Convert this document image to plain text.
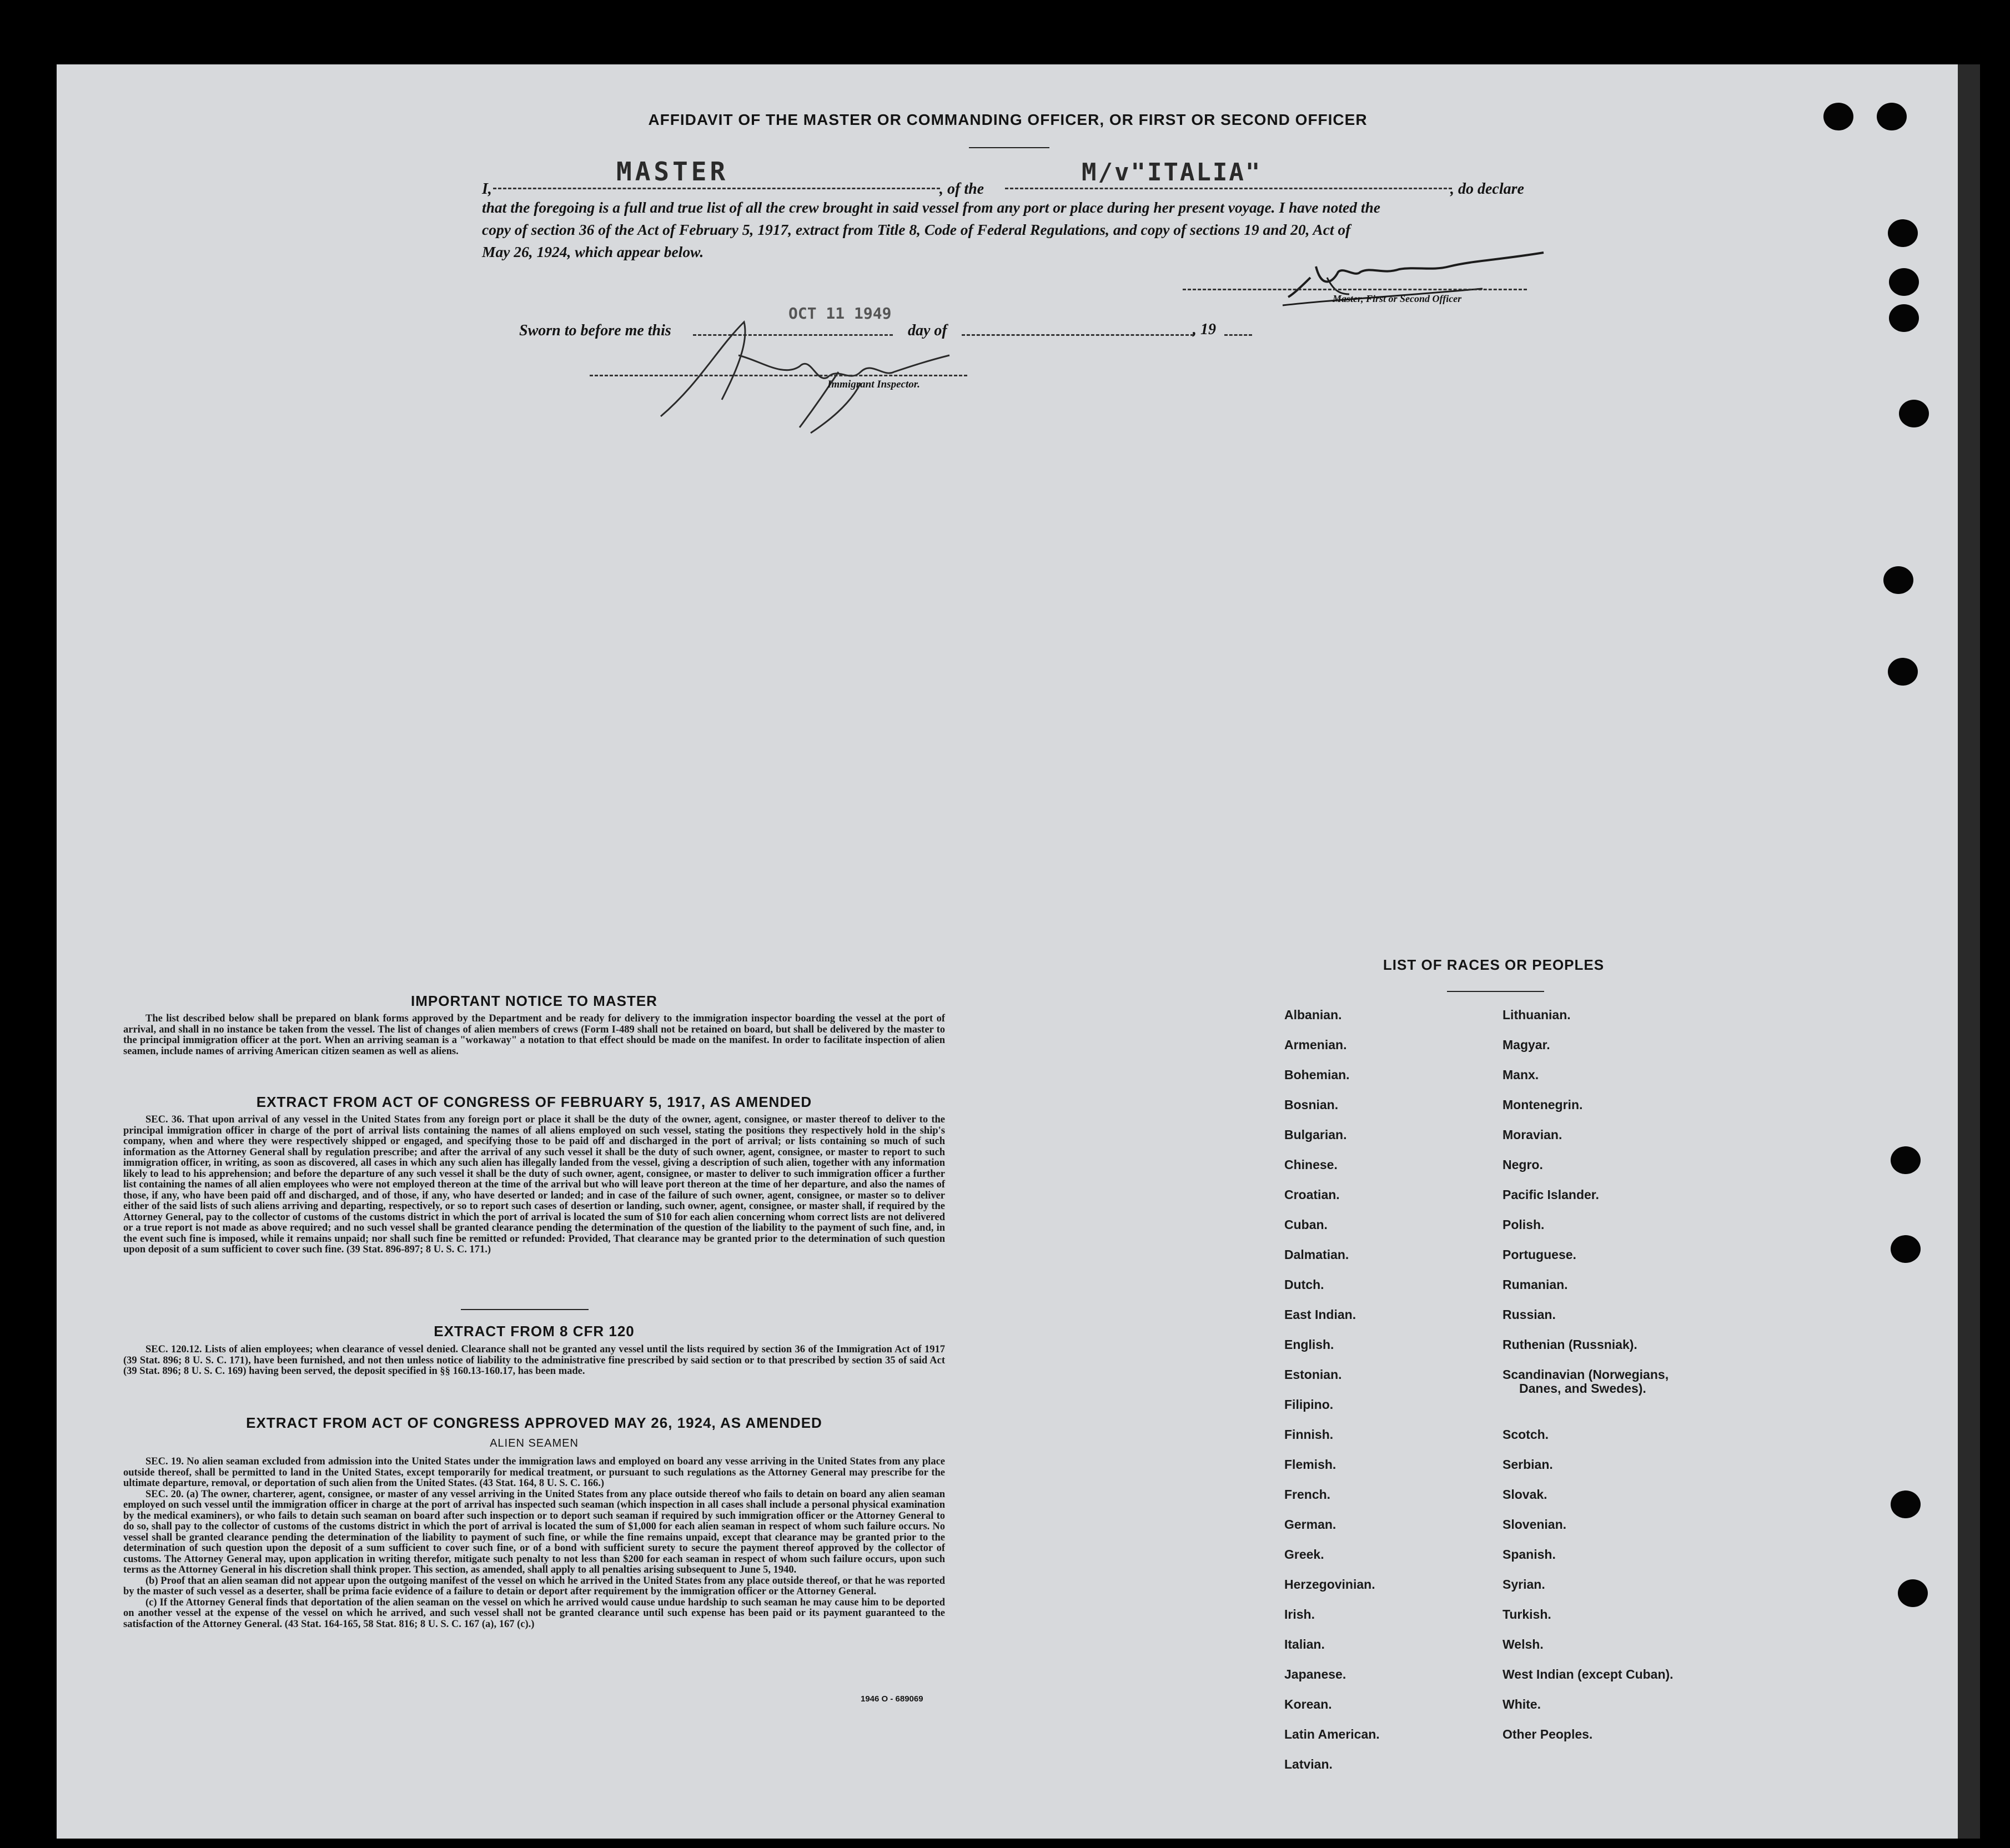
AFFIDAVIT OF THE MASTER OR COMMANDING OFFICER, OR FIRST OR SECOND OFFICER
I,
MASTER
, of the
M/v"ITALIA"
, do declare
that the foregoing is a full and true list of all the crew brought in said vessel from any port or place during her present voyage. I have noted the
copy of section 36 of the Act of February 5, 1917, extract from Title 8, Code of Federal Regulations, and copy of sections 19 and 20, Act of
May 26, 1924, which appear below.
Master, First or Second Officer
Sworn to before me this
OCT 11 1949
day of	, 19
Immigrant Inspector.
IMPORTANT NOTICE TO MASTER

The list described below shall be prepared on blank forms approved by the Department and be ready for delivery to the immigration inspector boarding the vessel at the port of arrival, and shall in no instance be taken from the vessel. The list of changes of alien members of crews (Form I-489 shall not be retained on board, but shall be delivered by the master to the principal immigration officer at the port. When an arriving seaman is a "workaway" a notation to that effect should be made on the manifest. In order to facilitate inspection of alien seamen, include names of arriving American citizen seamen as well as aliens.

EXTRACT FROM ACT OF CONGRESS OF FEBRUARY 5, 1917, AS AMENDED

SEC. 36. That upon arrival of any vessel in the United States from any foreign port or place it shall be the duty of the owner, agent, consignee, or master thereof to deliver to the principal immigration officer in charge of the port of arrival lists containing the names of all aliens employed on such vessel, stating the positions they respectively hold in the ship's company, when and where they were respectively shipped or engaged, and specifying those to be paid off and discharged in the port of arrival; or lists containing so much of such information as the Attorney General shall by regulation prescribe; and after the arrival of any such vessel it shall be the duty of such owner, agent, consignee, or master to report to such immigration officer, in writing, as soon as discovered, all cases in which any such alien has illegally landed from the vessel, giving a description of such alien, together with any information likely to lead to his apprehension; and before the departure of any such vessel it shall be the duty of such owner, agent, consignee, or master to deliver to such immigration officer a further list containing the names of all alien employees who were not employed thereon at the time of the arrival but who will leave port thereon at the time of her departure, and also the names of those, if any, who have been paid off and discharged, and of those, if any, who have deserted or landed; and in case of the failure of such owner, agent, consignee, or master so to deliver either of the said lists of such aliens arriving and departing, respectively, or so to report such cases of desertion or landing, such owner, agent, consignee, or master shall, if required by the Attorney General, pay to the collector of customs of the customs district in which the port of arrival is located the sum of $10 for each alien concerning whom correct lists are not delivered or a true report is not made as above required; and no such vessel shall be granted clearance pending the determination of the question of the liability to the payment of such fine, and, in the event such fine is imposed, while it remains unpaid; nor shall such fine be remitted or refunded: Provided, That clearance may be granted prior to the determination of such question upon deposit of a sum sufficient to cover such fine. (39 Stat. 896-897; 8 U. S. C. 171.)

EXTRACT FROM 8 CFR 120

SEC. 120.12. Lists of alien employees; when clearance of vessel denied. Clearance shall not be granted any vessel until the lists required by section 36 of the Immigration Act of 1917 (39 Stat. 896; 8 U. S. C. 171), have been furnished, and not then unless notice of liability to the administrative fine prescribed by said section or to that prescribed by section 35 of said Act (39 Stat. 896; 8 U. S. C. 169) having been served, the deposit specified in §§ 160.13-160.17, has been made.

EXTRACT FROM ACT OF CONGRESS APPROVED MAY 26, 1924, AS AMENDED
ALIEN SEAMEN

SEC. 19. No alien seaman excluded from admission into the United States under the immigration laws and employed on board any vesse arriving in the United States from any place outside thereof, shall be permitted to land in the United States, except temporarily for medical treatment, or pursuant to such regulations as the Attorney General may prescribe for the ultimate departure, removal, or deportation of such alien from the United States. (43 Stat. 164, 8 U. S. C. 166.)

SEC. 20. (a) The owner, charterer, agent, consignee, or master of any vessel arriving in the United States from any place outside thereof who fails to detain on board any alien seaman employed on such vessel until the immigration officer in charge at the port of arrival has inspected such seaman (which inspection in all cases shall include a personal physical examination by the medical examiners), or who fails to detain such seaman on board after such inspection or to deport such seaman if required by such immigration officer or the Attorney General to do so, shall pay to the collector of customs of the customs district in which the port of arrival is located the sum of $1,000 for each alien seaman in respect of whom such failure occurs. No vessel shall be granted clearance pending the determination of the liability to payment of such fine, or while the fine remains unpaid, except that clearance may be granted prior to the determination of such question upon the deposit of a sum sufficient to cover such fine, or of a bond with sufficient surety to secure the payment thereof approved by the collector of customs. The Attorney General may, upon application in writing therefor, mitigate such penalty to not less than $200 for each seaman in respect of whom such failure occurs, upon such terms as the Attorney General in his discretion shall think proper. This section, as amended, shall apply to all penalties arising subsequent to June 5, 1940.

(b) Proof that an alien seaman did not appear upon the outgoing manifest of the vessel on which he arrived in the United States from any place outside thereof, or that he was reported by the master of such vessel as a deserter, shall be prima facie evidence of a failure to detain or deport after requirement by the immigration officer or the Attorney General.

(c) If the Attorney General finds that deportation of the alien seaman on the vessel on which he arrived would cause undue hardship to such seaman he may cause him to be deported on another vessel at the expense of the vessel on which he arrived, and such vessel shall not be granted clearance until such expense has been paid or its payment guaranteed to the satisfaction of the Attorney General. (43 Stat. 164-165, 58 Stat. 816; 8 U. S. C. 167 (a), 167 (c).)

1946 O - 689069
LIST OF RACES OR PEOPLES
Albanian.
Armenian.
Bohemian.
Bosnian.
Bulgarian.
Chinese.
Croatian.
Cuban.
Dalmatian.
Dutch.
East Indian.
English.
Estonian.
Filipino.
Finnish.
Flemish.
French.
German.
Greek.
Herzegovinian.
Irish.
Italian.
Japanese.
Korean.
Latin American.
Latvian.
Lithuanian.
Magyar.
Manx.
Montenegrin.
Moravian.
Negro.
Pacific Islander.
Polish.
Portuguese.
Rumanian.
Russian.
Ruthenian (Russniak).
Scandinavian (Norwegians,
Danes, and Swedes).
Scotch.
Serbian.
Slovak.
Slovenian.
Spanish.
Syrian.
Turkish.
Welsh.
West Indian (except Cuban).
White.
Other Peoples.
